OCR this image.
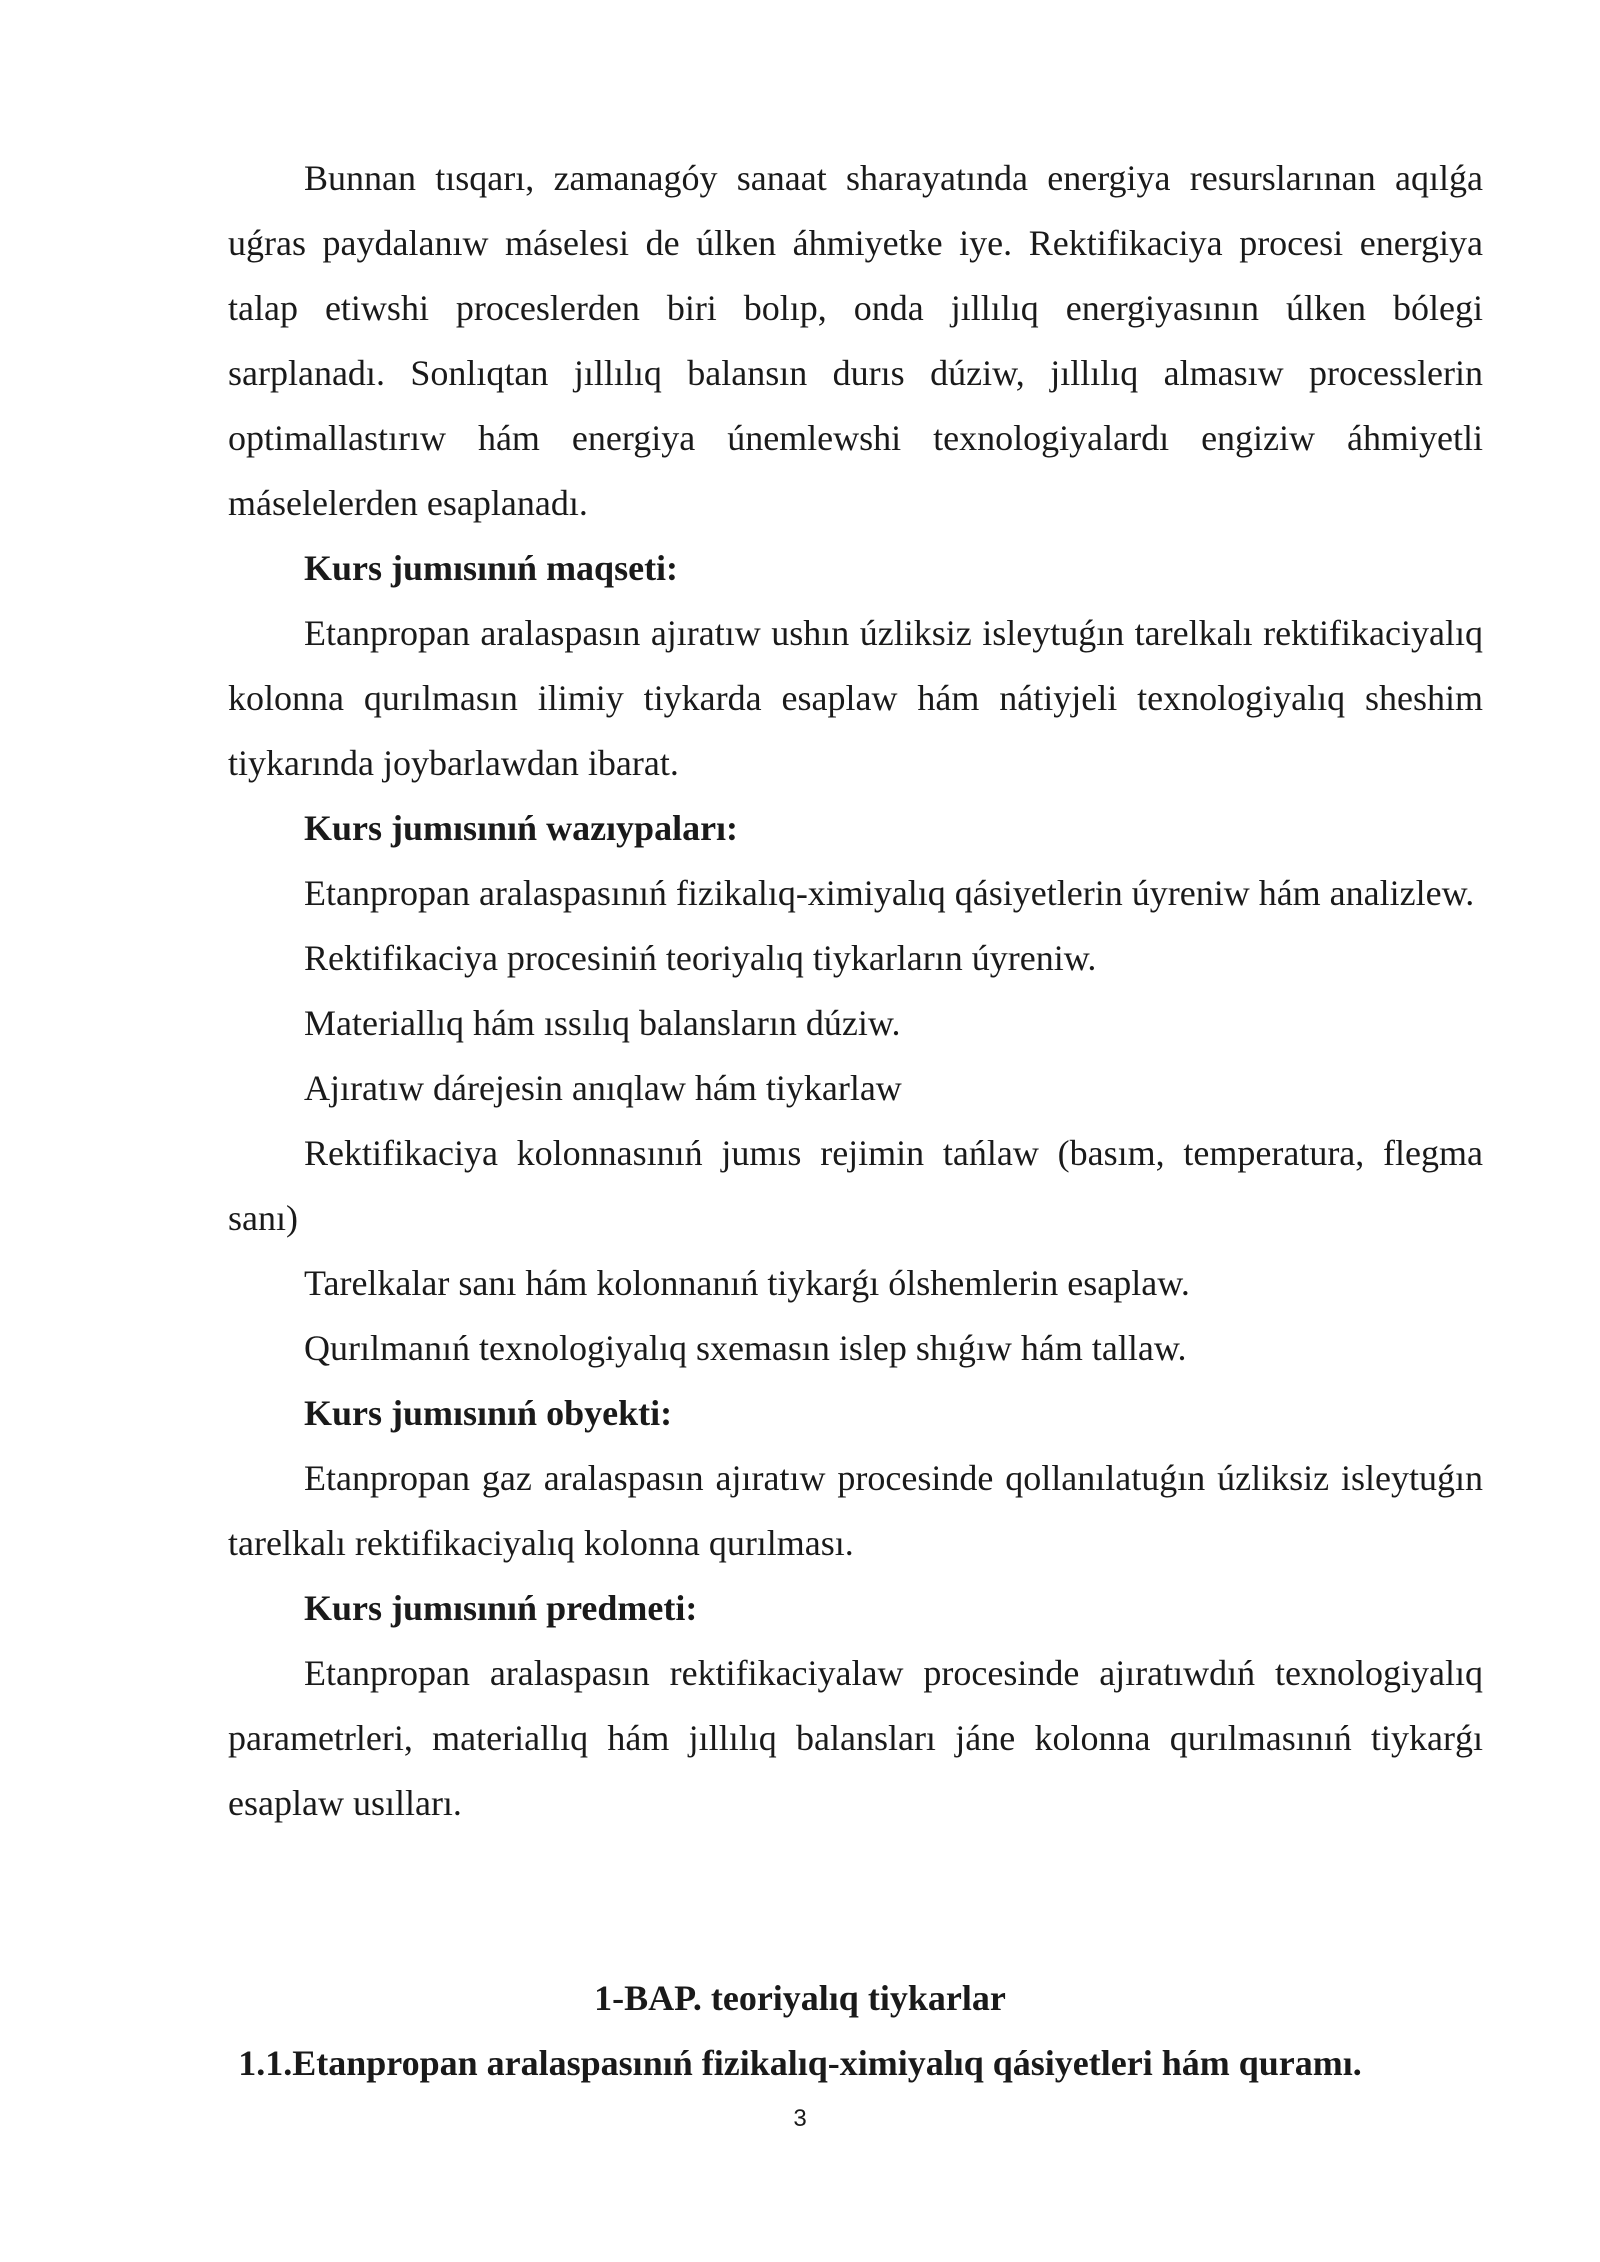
Bunnan tısqarı, zamanagóy sanaat sharayatında energiya resurslarınan aqılǵa uǵras paydalanıw máselesi de úlken áhmiyetke iye. Rektifikaciya procesi energiya talap etiwshi proceslerden biri bolıp, onda jıllılıq energiyasının úlken bólegi sarplanadı. Sonlıqtan jıllılıq balansın durıs dúziw, jıllılıq almasıw processlerin optimallastırıw hám energiya únemlewshi texnologiyalardı engiziw áhmiyetli máselelerden esaplanadı.

Kurs jumısınıń maqseti:

Etanpropan aralaspasın ajıratıw ushın úzliksiz isleytuǵın tarelkalı rektifikaciyalıq kolonna qurılmasın ilimiy tiykarda esaplaw hám nátiyjeli texnologiyalıq sheshim tiykarında joybarlawdan ibarat.

Kurs jumısınıń wazıypaları:

Etanpropan aralaspasınıń fizikalıq-ximiyalıq qásiyetlerin úyreniw hám analizlew.

Rektifikaciya procesiniń teoriyalıq tiykarların úyreniw.

Materiallıq hám ıssılıq balansların dúziw.

Ajıratıw dárejesin anıqlaw hám tiykarlaw

Rektifikaciya kolonnasınıń jumıs rejimin tańlaw (basım, temperatura, flegma sanı)

Tarelkalar sanı hám kolonnanıń tiykarǵı ólshemlerin esaplaw.

Qurılmanıń texnologiyalıq sxemasın islep shıǵıw hám tallaw.

Kurs jumısınıń obyekti:

Etanpropan gaz aralaspasın ajıratıw procesinde qollanılatuǵın úzliksiz isleytuǵın tarelkalı rektifikaciyalıq kolonna qurılması.

Kurs jumısınıń predmeti:

Etanpropan aralaspasın rektifikaciyalaw procesinde ajıratıwdıń texnologiyalıq parametrleri, materiallıq hám jıllılıq balansları jáne kolonna qurılmasınıń tiykarǵı esaplaw usılları.

1-BAP. teoriyalıq tiykarlar

1.1.Etanpropan aralaspasınıń fizikalıq-ximiyalıq qásiyetleri hám quramı.

3
